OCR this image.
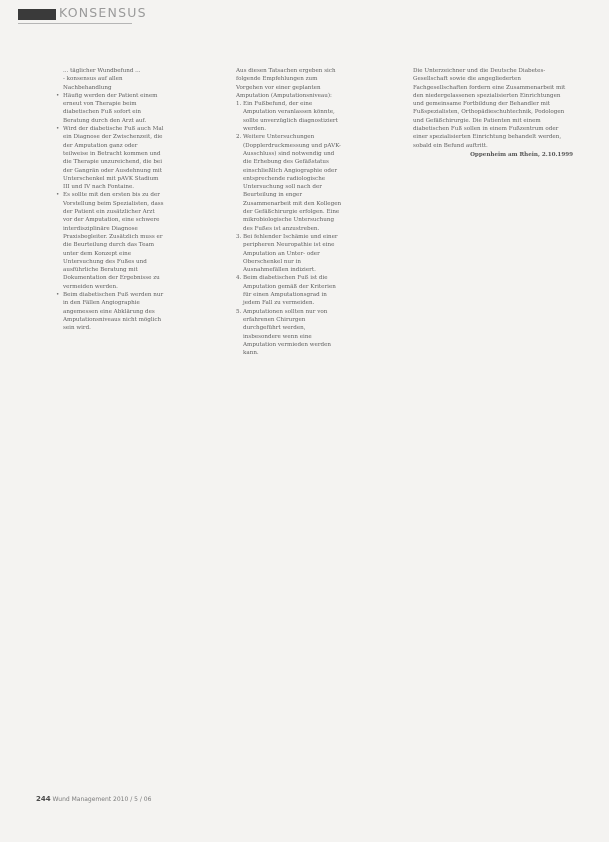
KONSENSUS
... täglicher Wundbefund ...
- konsensus auf allen Nachbehandlung
• Häufig werden der Patient einem erneut von Therapie beim diabetischen Fuß sofort ein Beratung durch den Arzt auf.
• Wird der diabetische Fuß auch Mal ein Diagnose der Zwischenzeit, die der Amputation ganz oder teilweise in Betracht kommen und die Therapie unzureichend, die bei der Gangrän oder Ausdehnung mit Unterschenkel mit pAVK Stadium III und IV nach Fontaine.
• Es sollte mit den ersten bis zu der Vorstellung beim Spezialisten, dass der Patient ein zusätzlicher Arzt vor der Amputation, eine schwere interdisziplinäre Diagnose Praxisbegleiter. Zusätzlich muss er die Beurteilung durch das Team unter dem Konzept eine Untersuchung des Fußes und ausführliche Beratung mit Dokumentation der Ergebnisse zu vermeiden werden.
• Beim diabetischen Fuß werden nur in den Fällen Angiographie angemessen eine Abklärung des Amputationsniveaus nicht möglich sein wird.

Aus diesen Tatsachen ergeben sich folgende Empfehlungen zum Vorgehen vor einer geplanten Amputation (Amputationsniveau):

1. Ein Fußbefund, der eine Amputation veranlassen könnte, sollte unverzüglich diagnostiziert werden.
2. Weitere Untersuchungen (Dopplerdruckmessung und pAVK-Ausschluss) sind notwendig und die Erhebung des Gefäßstatus einschließlich Angiographie oder entsprechende radiologische Untersuchung soll nach der Beurteilung in enger Zusammenarbeit mit den Kollegen der Gefäßchirurgie erfolgen. Eine mikrobiologische Untersuchung des Fußes ist anzustreben.
3. Bei fehlender Ischämie und einer peripheren Neuropathie ist eine Amputation an Unter- oder Oberschenkel nur in Ausnahmefällen indiziert.
4. Beim diabetischen Fuß ist die Amputation gemäß der Kriterien für einen Amputationsgrad in jedem Fall zu vermeiden.
5. Amputationen sollten nur von erfahrenen Chirurgen durchgeführt werden, insbesondere wenn eine Amputation vermieden werden kann.

Die Unterzeichner und die Deutsche Diabetes-Gesellschaft sowie die angegliederten Fachgesellschaften fordern eine Zusammenarbeit mit den niedergelassenen spezialisierten Einrichtungen und gemeinsame Fortbildung der Behandler mit Fußspezialisten, Orthopädieschuhtechnik, Podologen und Gefäßchirurgie. Die Patienten mit einem diabetischen Fuß sollen in einem Fußzentrum oder einer spezialisierten Einrichtung behandelt werden, sobald ein Befund auftritt.

Oppenheim am Rhein, 2.10.1999

244 Wund Management 2010 / 5 / 06
